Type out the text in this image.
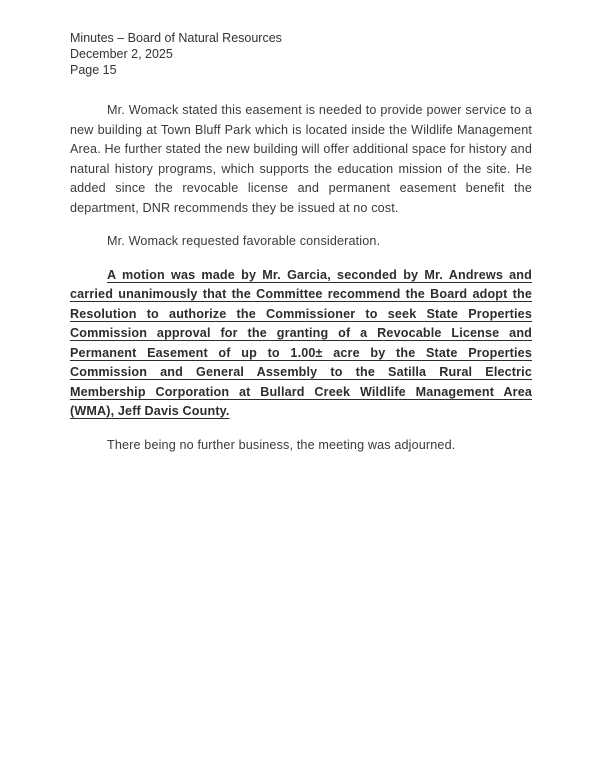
Minutes – Board of Natural Resources
December 2, 2025
Page 15

Mr. Womack stated this easement is needed to provide power service to a new building at Town Bluff Park which is located inside the Wildlife Management Area. He further stated the new building will offer additional space for history and natural history programs, which supports the education mission of the site. He added since the revocable license and permanent easement benefit the department, DNR recommends they be issued at no cost.

Mr. Womack requested favorable consideration.

A motion was made by Mr. Garcia, seconded by Mr. Andrews and carried unanimously that the Committee recommend the Board adopt the Resolution to authorize the Commissioner to seek State Properties Commission approval for the granting of a Revocable License and Permanent Easement of up to 1.00± acre by the State Properties Commission and General Assembly to the Satilla Rural Electric Membership Corporation at Bullard Creek Wildlife Management Area (WMA), Jeff Davis County.

There being no further business, the meeting was adjourned.
